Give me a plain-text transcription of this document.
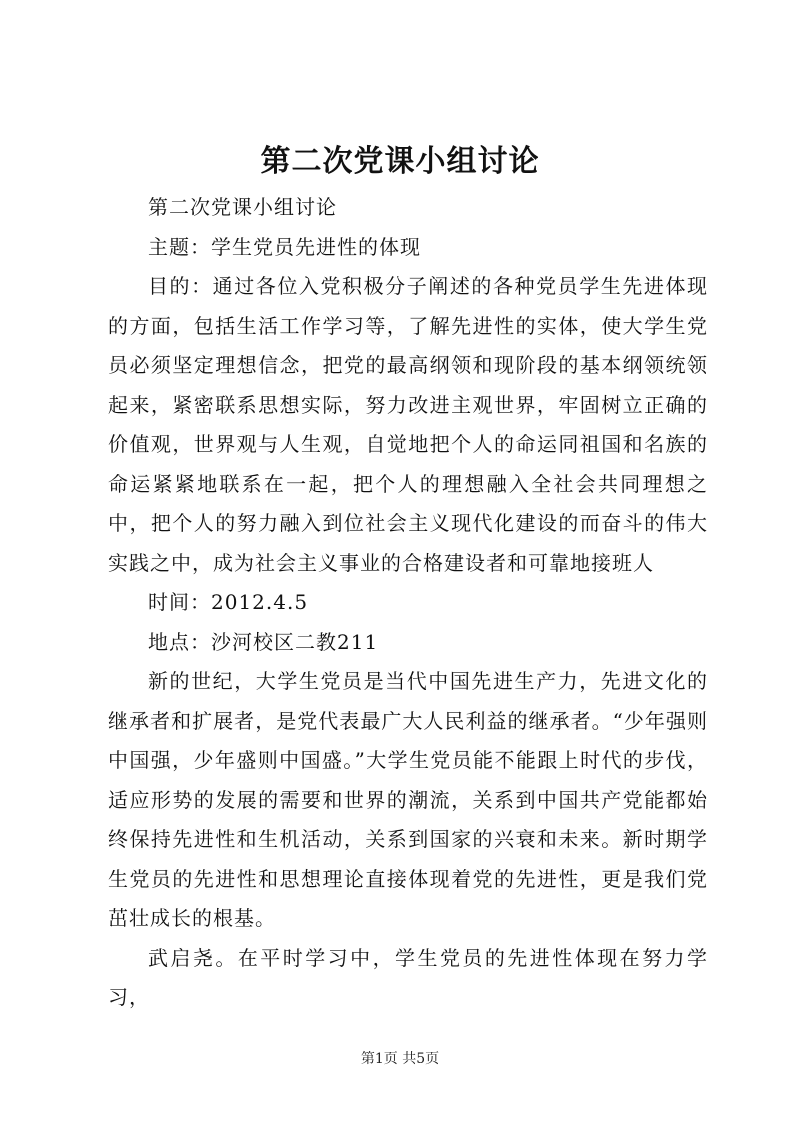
第二次党课小组讨论

第二次党课小组讨论

主题：学生党员先进性的体现

目的：通过各位入党积极分子阐述的各种党员学生先进体现的方面，包括生活工作学习等，了解先进性的实体，使大学生党员必须坚定理想信念，把党的最高纲领和现阶段的基本纲领统领起来，紧密联系思想实际，努力改进主观世界，牢固树立正确的价值观，世界观与人生观，自觉地把个人的命运同祖国和名族的命运紧紧地联系在一起，把个人的理想融入全社会共同理想之中，把个人的努力融入到位社会主义现代化建设的而奋斗的伟大实践之中，成为社会主义事业的合格建设者和可靠地接班人

时间：2012.4.5

地点：沙河校区二教211

新的世纪，大学生党员是当代中国先进生产力，先进文化的继承者和扩展者，是党代表最广大人民利益的继承者。“少年强则中国强，少年盛则中国盛。”大学生党员能不能跟上时代的步伐，适应形势的发展的需要和世界的潮流，关系到中国共产党能都始终保持先进性和生机活动，关系到国家的兴衰和未来。新时期学生党员的先进性和思想理论直接体现着党的先进性，更是我们党茁壮成长的根基。

武启尧。在平时学习中，学生党员的先进性体现在努力学习，

第1页 共5页
